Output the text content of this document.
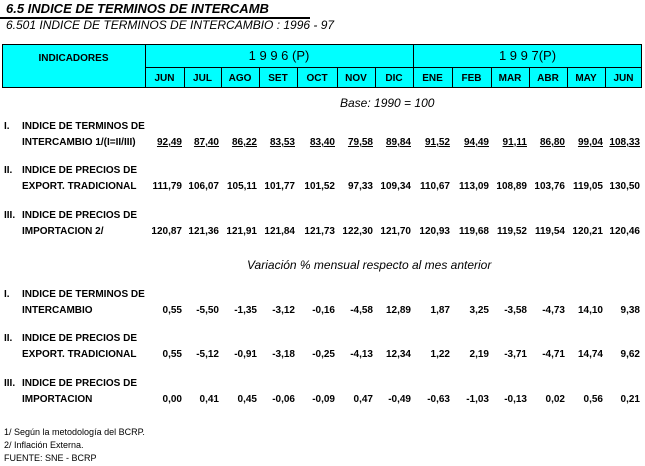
6.5 INDICE DE TERMINOS DE INTERCAMB
6.501 INDICE DE TERMINOS DE INTERCAMBIO : 1996 - 97
INDICADORES	1 9 9 6 (P)	1 9 9 7(P)
JUN	JUL	AGO	SET	OCT	NOV	DIC	ENE	FEB	MAR	ABR	MAY	JUN
Base: 1990 = 100
Variación % mensual respecto al mes anterior
I. INDICE DE TERMINOS DE
INTERCAMBIO 1/(I=II/III)	92,49	87,40	86,22	83,53	83,40	79,58	89,84	91,52	94,49	91,11	86,80	99,04 108,33
II. INDICE DE PRECIOS DE
EXPORT. TRADICIONAL	111,79 106,07 105,11 101,77 101,52	97,33 109,34 110,67 113,09 108,89 103,76 119,05 130,50
III. INDICE DE PRECIOS DE
IMPORTACION 2/	120,87 121,36 121,91 121,84 121,73 122,30 121,70 120,93 119,68 119,52 119,54 120,21 120,46
I. INDICE DE TERMINOS DE
INTERCAMBIO	0,55	-5,50	-1,35	-3,12	-0,16	-4,58	12,89	1,87	3,25	-3,58	-4,73	14,10	9,38
II. INDICE DE PRECIOS DE
EXPORT. TRADICIONAL	0,55	-5,12	-0,91	-3,18	-0,25	-4,13	12,34	1,22	2,19	-3,71	-4,71	14,74	9,62
III. INDICE DE PRECIOS DE
IMPORTACION	0,00	0,41	0,45	-0,06	-0,09	0,47	-0,49	-0,63	-1,03	-0,13	0,02	0,56	0,21
1/ Según la metodología del BCRP.
2/ Inflación Externa.
FUENTE: SNE - BCRP
